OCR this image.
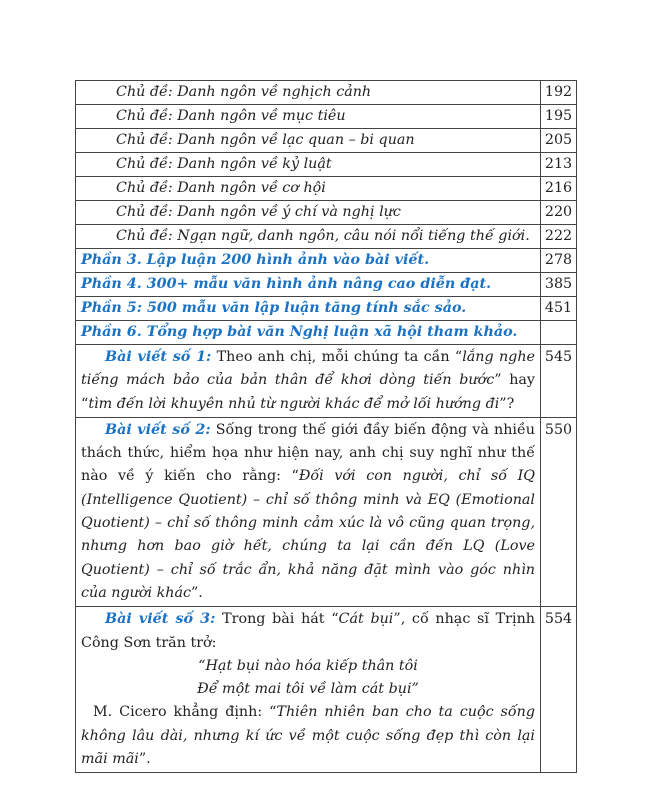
Chủ đề: Danh ngôn về nghịch cảnh	192
Chủ đề: Danh ngôn về mục tiêu	195
Chủ đề: Danh ngôn về lạc quan – bi quan	205
Chủ đề: Danh ngôn về kỷ luật	213
Chủ đề: Danh ngôn về cơ hội	216
Chủ đề: Danh ngôn về ý chí và nghị lực	220
Chủ đề: Ngạn ngữ, danh ngôn, câu nói nổi tiếng thế giới.	222
Phần 3. Lập luận 200 hình ảnh vào bài viết.	278
Phần 4. 300+ mẫu văn hình ảnh nâng cao diễn đạt.	385
Phần 5: 500 mẫu văn lập luận tăng tính sắc sảo.	451
Phần 6. Tổng hợp bài văn Nghị luận xã hội tham khảo.	

Bài viết số 1: Theo anh chị, mỗi chúng ta cần “lắng nghe tiếng mách bảo của bản thân để khơi dòng tiến bước” hay “tìm đến lời khuyên nhủ từ người khác để mở lối hướng đi”?	545

Bài viết số 2: Sống trong thế giới đầy biến động và nhiều thách thức, hiểm họa như hiện nay, anh chị suy nghĩ như thế nào về ý kiến cho rằng: “Đối với con người, chỉ số IQ (Intelligence Quotient) – chỉ số thông minh và EQ (Emotional Quotient) – chỉ số thông minh cảm xúc là vô cũng quan trọng, nhưng hơn bao giờ hết, chúng ta lại cần đến LQ (Love Quotient) – chỉ số trắc ẩn, khả năng đặt mình vào góc nhìn của người khác”.	550

Bài viết số 3: Trong bài hát “Cát bụi”, cố nhạc sĩ Trịnh Công Sơn trăn trở:

“Hạt bụi nào hóa kiếp thân tôi

Để một mai tôi về làm cát bụi”

M. Cicero khẳng định: “Thiên nhiên ban cho ta cuộc sống không lâu dài, nhưng kí ức về một cuộc sống đẹp thì còn lại mãi mãi”.	554
